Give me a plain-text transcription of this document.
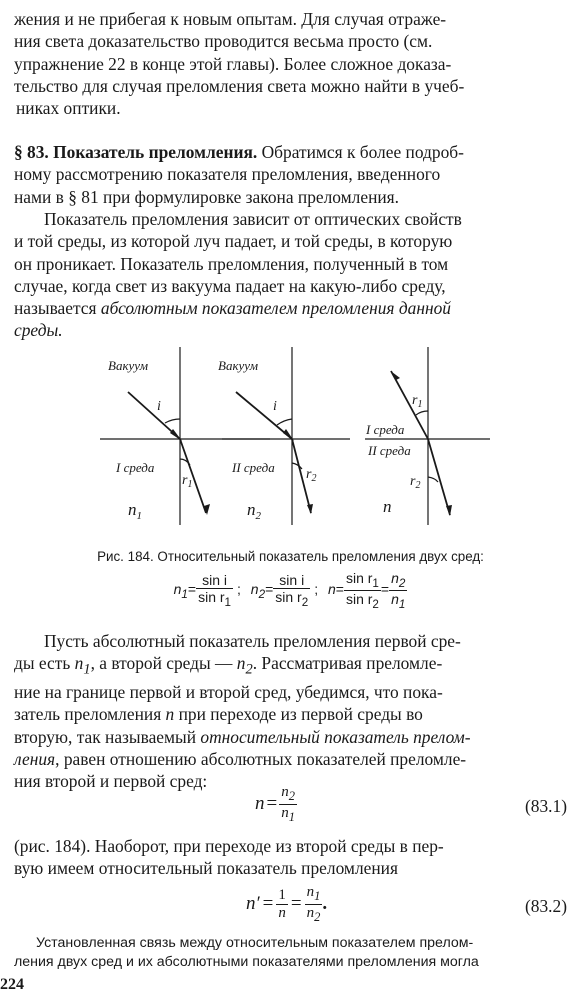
жения и не прибегая к новым опытам. Для случая отраже-
ния света доказательство проводится весьма просто (см.
упражнение 22 в конце этой главы). Более сложное доказа-
тельство для случая преломления света можно найти в учеб-
никах оптики.
§ 83. Показатель преломления. Обратимся к более подроб-
ному рассмотрению показателя преломления, введенного
нами в § 81 при формулировке закона преломления.
Показатель преломления зависит от оптических свойств
и той среды, из которой луч падает, и той среды, в которую
он проникает. Показатель преломления, полученный в том
случае, когда свет из вакуума падает на какую-либо среду,
называется абсолютным показателем преломления данной
среды.
Вакуум
I среда
i
$r_1$
$n_1$
Вакуум
II среда
i
$r_2$
$n_2$
I среда
II среда
$r_1$
$r_2$
n
Рис. 184. Относительный показатель преломления двух сред:
$n_1= \frac{\text{sin i}}{\sin r_1}$ ; $n_2= \frac{\text{sin i}}{\sin r_2}$ ; $n= \frac{\sin r_1}{\sin r_2} = \frac{n_2}{n_1}$
Пусть абсолютный показатель преломления первой сре-
ды есть $n_1$, а второй среды — $n_2$. Рассматривая преломле-
ние на границе первой и второй сред, убедимся, что пока-
затель преломления n при переходе из первой среды во
вторую, так называемый относительный показатель прелом-
ления, равен отношению абсолютных показателей преломле-
ния второй и первой сред:
$n = \frac{n_2}{n_1}$	(83.1)
(рис. 184). Наоборот, при переходе из второй среды в пер-
вую имеем относительный показатель преломления
$n' = \frac{1}{n} = \frac{n_1}{n_2}$ .	(83.2)
Установленная связь между относительным показателем прелом-
ления двух сред и их абсолютными показателями преломления могла
224
